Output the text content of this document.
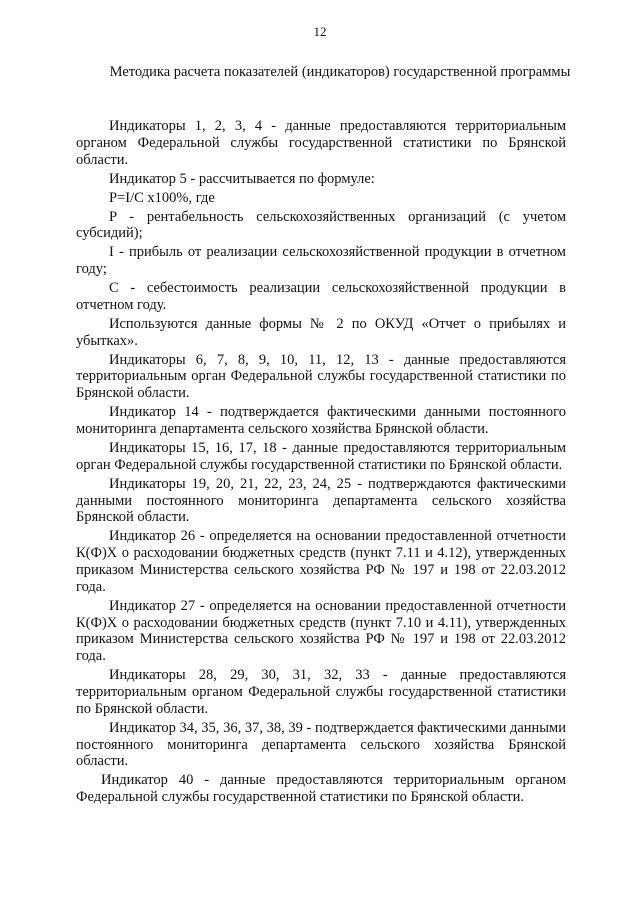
12
Методика расчета показателей (индикаторов) государственной программы

Индикаторы 1, 2, 3, 4 - данные предоставляются территориальным органом Федеральной службы государственной статистики по Брянской области.

Индикатор 5 - рассчитывается по формуле:

P=I/C x100%, где

P - рентабельность сельскохозяйственных организаций (с учетом субсидий);

I - прибыль от реализации сельскохозяйственной продукции в отчетном году;

C - себестоимость реализации сельскохозяйственной продукции в отчетном году.

Используются данные формы № 2 по ОКУД «Отчет о прибылях и убытках».

Индикаторы 6, 7, 8, 9, 10, 11, 12, 13 - данные предоставляются территориальным орган Федеральной службы государственной статистики по Брянской области.

Индикатор 14 - подтверждается фактическими данными постоянного мониторинга департамента сельского хозяйства Брянской области.

Индикаторы 15, 16, 17, 18 - данные предоставляются территориальным орган Федеральной службы государственной статистики по Брянской области.

Индикаторы 19, 20, 21, 22, 23, 24, 25 - подтверждаются фактическими данными постоянного мониторинга департамента сельского хозяйства Брянской области.

Индикатор 26 - определяется на основании предоставленной отчетности К(Ф)Х о расходовании бюджетных средств (пункт 7.11 и 4.12), утвержденных приказом Министерства сельского хозяйства РФ № 197 и 198 от 22.03.2012 года.

Индикатор 27 - определяется на основании предоставленной отчетности К(Ф)Х о расходовании бюджетных средств (пункт 7.10 и 4.11), утвержденных приказом Министерства сельского хозяйства РФ № 197 и 198 от 22.03.2012 года.

Индикаторы 28, 29, 30, 31, 32, 33 - данные предоставляются территориальным органом Федеральной службы государственной статистики по Брянской области.

Индикатор 34, 35, 36, 37, 38, 39 - подтверждается фактическими данными постоянного мониторинга департамента сельского хозяйства Брянской области.

Индикатор 40 - данные предоставляются территориальным органом Федеральной службы государственной статистики по Брянской области.
